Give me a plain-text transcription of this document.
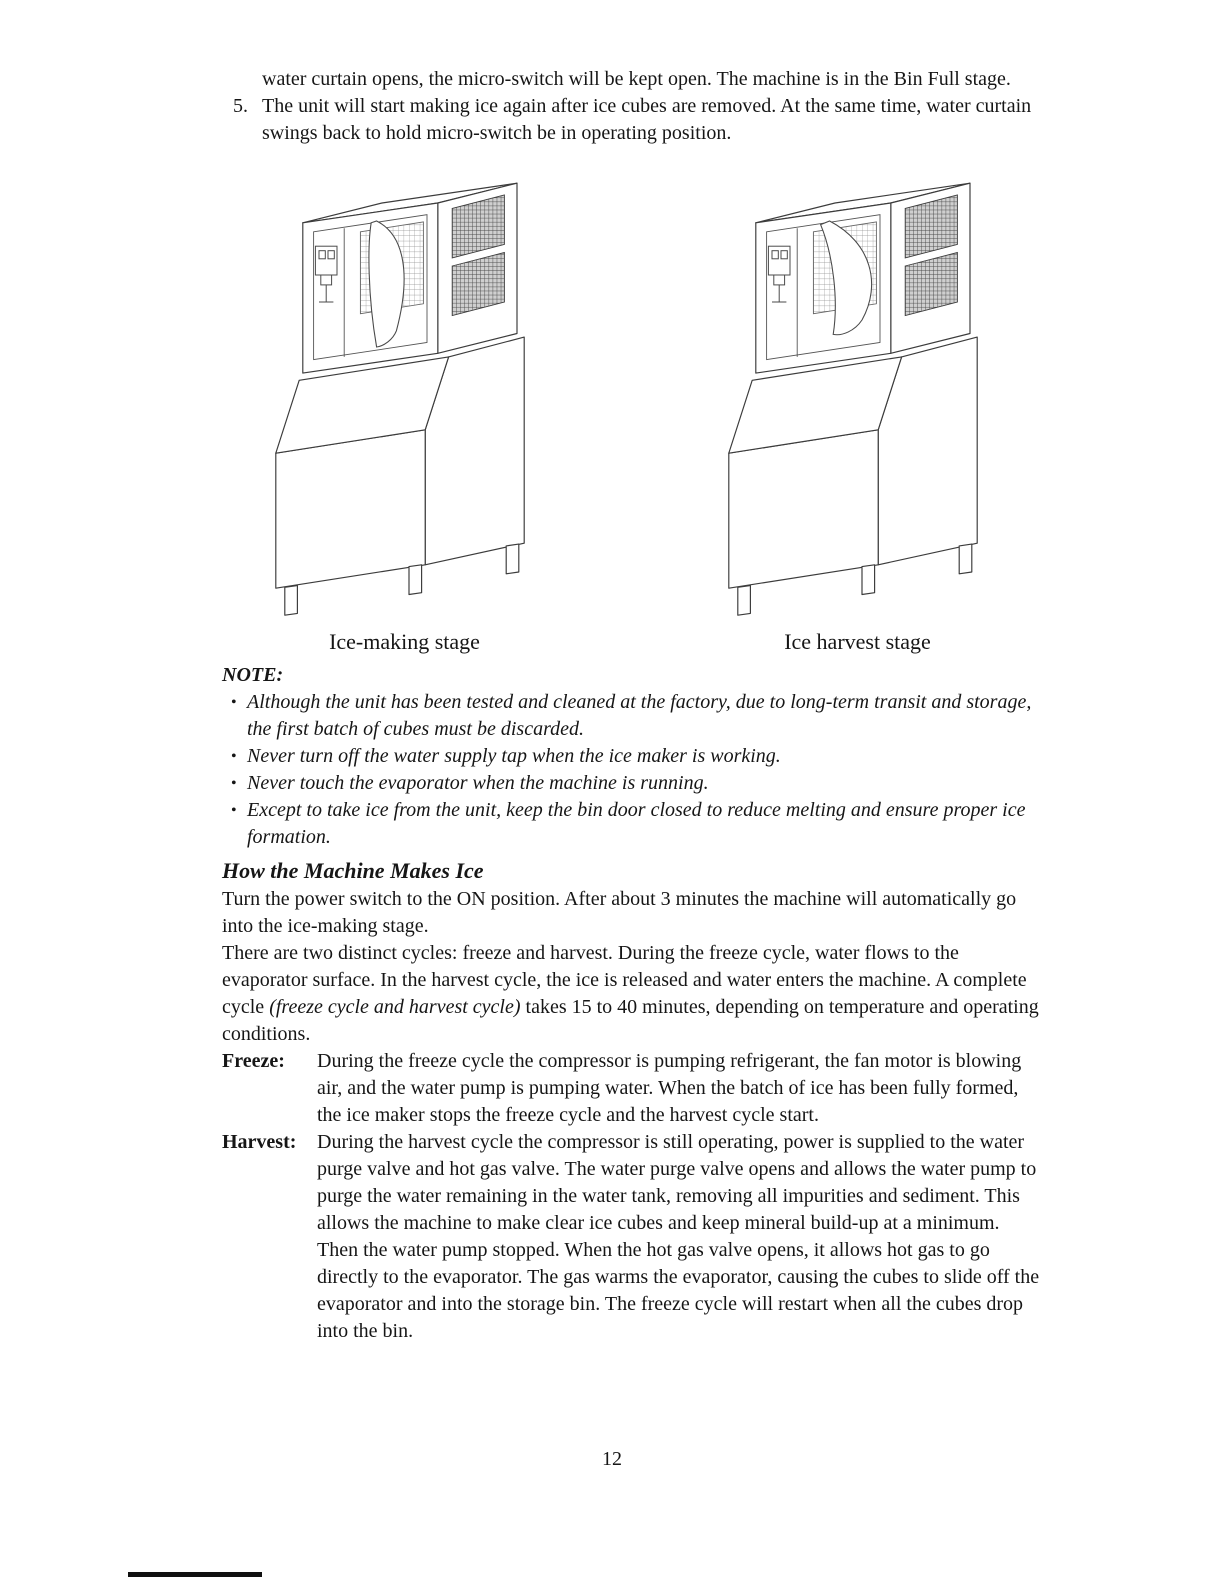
water curtain opens, the micro-switch will be kept open. The machine is in the Bin Full stage.
5. The unit will start making ice again after ice cubes are removed. At the same time, water curtain swings back to hold micro-switch be in operating position.
Ice-making stage	Ice harvest stage
NOTE:
• Although the unit has been tested and cleaned at the factory, due to long-term transit and storage, the first batch of cubes must be discarded.
• Never turn off the water supply tap when the ice maker is working.
• Never touch the evaporator when the machine is running.
• Except to take ice from the unit, keep the bin door closed to reduce melting and ensure proper ice formation.
How the Machine Makes Ice

Turn the power switch to the ON position. After about 3 minutes the machine will automatically go into the ice-making stage.

There are two distinct cycles: freeze and harvest. During the freeze cycle, water flows to the evaporator surface. In the harvest cycle, the ice is released and water enters the machine. A complete cycle (freeze cycle and harvest cycle) takes 15 to 40 minutes, depending on temperature and operating conditions.

Freeze:	During the freeze cycle the compressor is pumping refrigerant, the fan motor is blowing air, and the water pump is pumping water. When the batch of ice has been fully formed, the ice maker stops the freeze cycle and the harvest cycle start.
Harvest:	During the harvest cycle the compressor is still operating, power is supplied to the water purge valve and hot gas valve. The water purge valve opens and allows the water pump to purge the water remaining in the water tank, removing all impurities and sediment. This allows the machine to make clear ice cubes and keep mineral build-up at a minimum. Then the water pump stopped. When the hot gas valve opens, it allows hot gas to go directly to the evaporator. The gas warms the evaporator, causing the cubes to slide off the evaporator and into the storage bin. The freeze cycle will restart when all the cubes drop into the bin.
12
